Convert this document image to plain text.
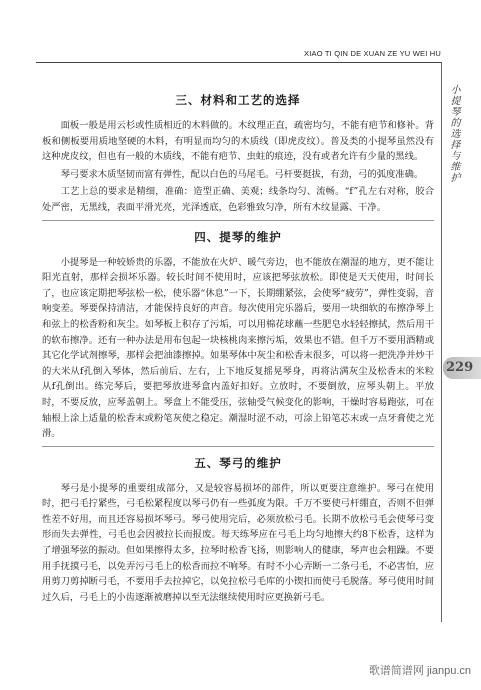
XIAO TI QIN DE XUAN ZE YU WEI HU
小提琴的选择与维护
229
三、材料和工艺的选择

面板一般是用云杉或性质相近的木料做的。木纹理正直，疏密均匀，不能有疤节和修补。背板和侧板要用质地坚硬的木料，有明显而均匀的木质线（即虎皮纹）。普及类的小提琴虽然没有这种虎皮纹，但也有一般的木质线，不能有疤节、虫蛀的痕迹，没有或者允许有少量的黑线。

琴弓要求木质坚韧而富有弹性，配以白色的马尾毛。弓杆要挺拔，有劲，弓的弧度准确。

工艺上总的要求是精细，准确：造型正确、美观；线条均匀、流畅。“f”孔左右对称，胶合处严密，无黑线，表面平滑光亮，光泽透底，色彩雅致匀净，所有木纹显露、干净。

四、提琴的维护

小提琴是一种较娇贵的乐器，不能放在火炉、暖气旁边，也不能放在潮湿的地方，更不能让阳光直射，那样会损坏乐器。较长时间不使用时，应该把琴弦放松。即使是天天使用，时间长了，也应该定期把琴弦松一松，使乐器“休息”一下，长期绷紧弦，会使琴“疲劳”，弹性变弱，音响变差。琴要保持清洁，才能保持良好的声音。每次使用完乐器后，要用一块细软的布擦净琴上和弦上的松香粉和灰尘。如琴板上积存了污垢，可以用棉花球蘸一些肥皂水轻轻擦拭，然后用干的软布擦净。还有一种办法是用布包起一块核桃肉来擦污垢，效果也不错。但千万不要用酒精或其它化学试剂擦琴，那样会把油漆擦掉。如果琴体中灰尘和松香末很多，可以将一把洗净并炒干的大米从f孔倒入琴体，然后前后、左右，上下地反复摇晃琴身，再将沾满灰尘及松香末的米粒从f孔倒出。练完琴后，要把琴放进琴盒内盖好扣好。立放时，不要倒放，应琴头朝上。平放时，不要反放，应琴盖朝上。琴盒上不能受压，弦轴受气候变化的影响，干燥时容易跑弦，可在轴根上涂上适量的松香末或粉笔灰使之稳定。潮湿时涩不动，可涂上铅笔芯末或一点牙膏使之光滑。

五、琴弓的维护

琴弓是小提琴的重要组成部分，又是较容易损坏的部件，所以更要注意维护。琴弓在使用时，把弓毛拧紧些，弓毛松紧程度以琴弓仍有一些弧度为限。千万不要使弓杆绷直，否则不但弹性差不好用，而且还容易损坏琴弓。琴弓使用完后，必须放松弓毛。长期不放松弓毛会使琴弓变形而失去弹性，弓毛也会因被拉长而报废。每天练琴应在弓毛上均匀地擦大约8下松香，这样为了增强琴弦的振动。但如果擦得太多，拉琴时松香飞扬，则影响人的健康，琴声也会粗躁。不要用手抚摸弓毛，以免弄污弓毛上的松香而拉不响琴。有时不小心弄断一二条弓毛，不必害怕，应用剪刀剪掉断弓毛，不要用手去拉掉它，以免拉松弓毛库的小锲扣而使弓毛脱落。琴弓使用时间过久后，弓毛上的小齿逐渐被磨掉以至无法继续使用时应更换新弓毛。

歌谱简谱网 jianpu.cn
